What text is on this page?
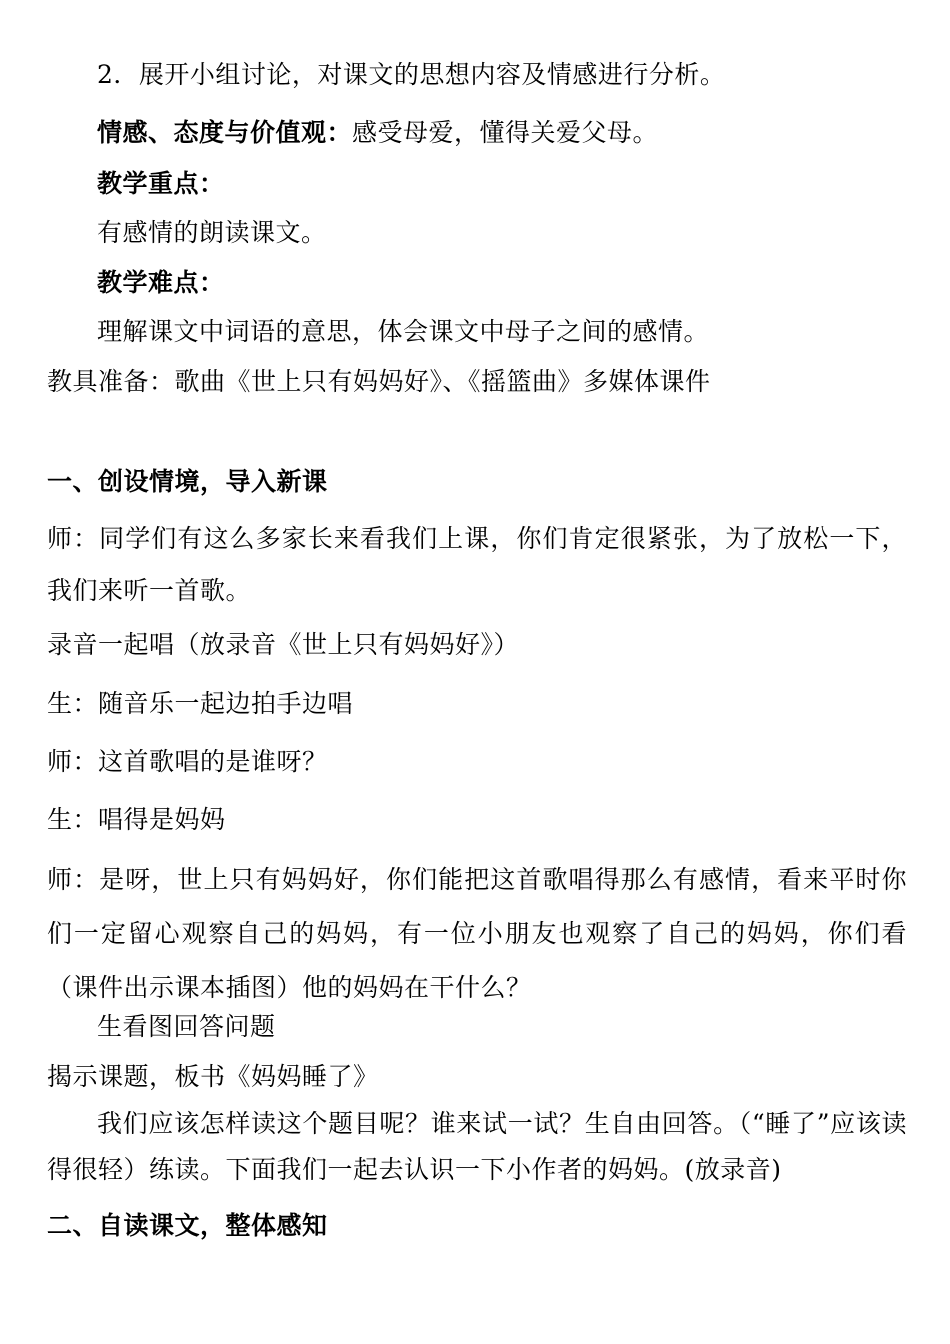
2．展开小组讨论，对课文的思想内容及情感进行分析。
情感、态度与价值观：感受母爱，懂得关爱父母。
教学重点：
有感情的朗读课文。
教学难点：
理解课文中词语的意思，体会课文中母子之间的感情。
教具准备：歌曲《世上只有妈妈好》、《摇篮曲》多媒体课件
一、创设情境，导入新课
师：同学们有这么多家长来看我们上课，你们肯定很紧张，为了放松一下，我们来听一首歌。
录音一起唱（放录音《世上只有妈妈好》）
生：随音乐一起边拍手边唱
师：这首歌唱的是谁呀？
生：唱得是妈妈
师：是呀，世上只有妈妈好，你们能把这首歌唱得那么有感情，看来平时你们一定留心观察自己的妈妈，有一位小朋友也观察了自己的妈妈，你们看（课件出示课本插图）他的妈妈在干什么？
生看图回答问题
揭示课题，板书《妈妈睡了》
我们应该怎样读这个题目呢？谁来试一试？生自由回答。（“睡了”应该读得很轻）练读。下面我们一起去认识一下小作者的妈妈。(放录音)
二、自读课文，整体感知
